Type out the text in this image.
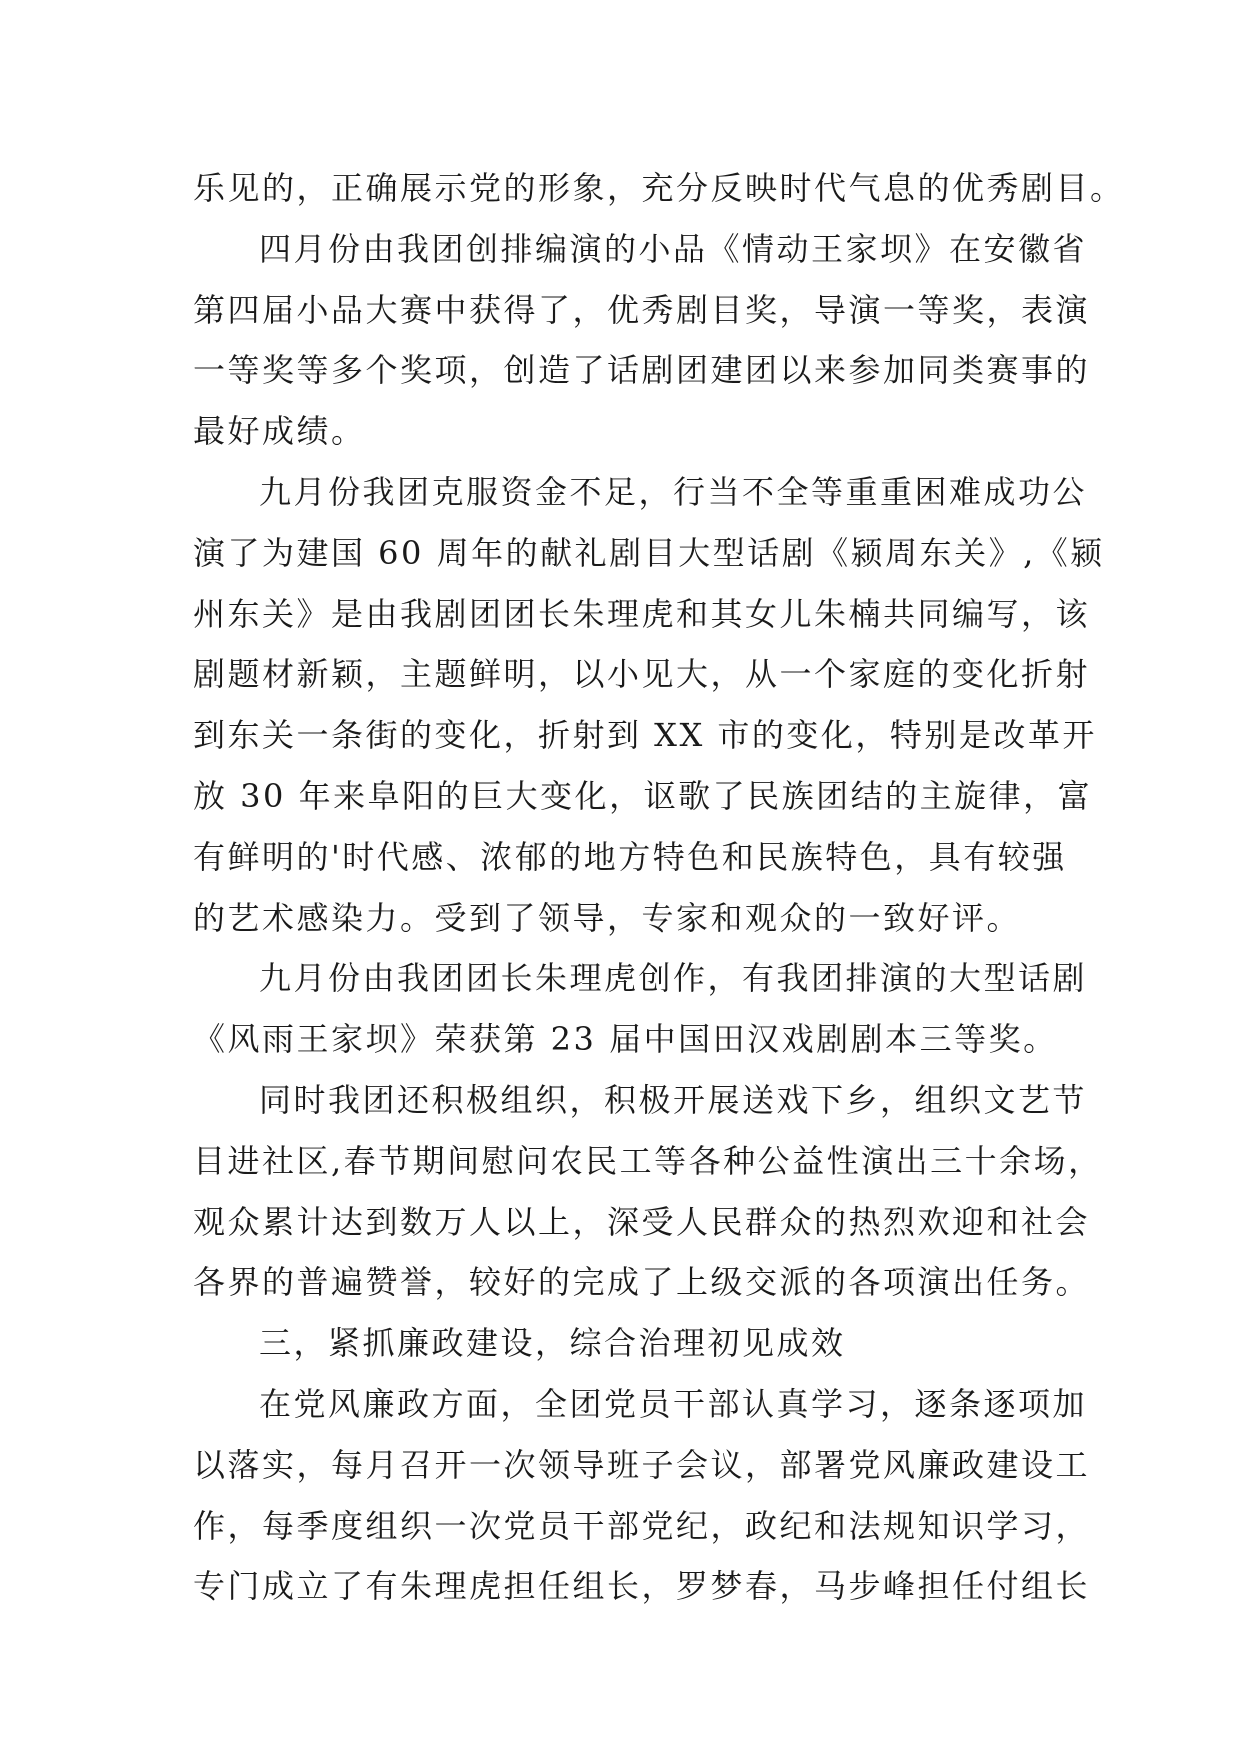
乐见的，正确展示党的形象，充分反映时代气息的优秀剧目。
四月份由我团创排编演的小品《情动王家坝》在安徽省
第四届小品大赛中获得了，优秀剧目奖，导演一等奖，表演
一等奖等多个奖项，创造了话剧团建团以来参加同类赛事的
最好成绩。
九月份我团克服资金不足，行当不全等重重困难成功公
演了为建国 60 周年的献礼剧目大型话剧《颍周东关》,《颍
州东关》是由我剧团团长朱理虎和其女儿朱楠共同编写，该
剧题材新颖，主题鲜明，以小见大，从一个家庭的变化折射
到东关一条街的变化，折射到 XX 市的变化，特别是改革开
放 30 年来阜阳的巨大变化，讴歌了民族团结的主旋律，富
有鲜明的'时代感、浓郁的地方特色和民族特色，具有较强
的艺术感染力。受到了领导，专家和观众的一致好评。
九月份由我团团长朱理虎创作，有我团排演的大型话剧
《风雨王家坝》荣获第 23 届中国田汉戏剧剧本三等奖。
同时我团还积极组织，积极开展送戏下乡，组织文艺节
目进社区,春节期间慰问农民工等各种公益性演出三十余场，
观众累计达到数万人以上，深受人民群众的热烈欢迎和社会
各界的普遍赞誉，较好的完成了上级交派的各项演出任务。
三，紧抓廉政建设，综合治理初见成效
在党风廉政方面，全团党员干部认真学习，逐条逐项加
以落实，每月召开一次领导班子会议，部署党风廉政建设工
作，每季度组织一次党员干部党纪，政纪和法规知识学习，
专门成立了有朱理虎担任组长，罗梦春，马步峰担任付组长
